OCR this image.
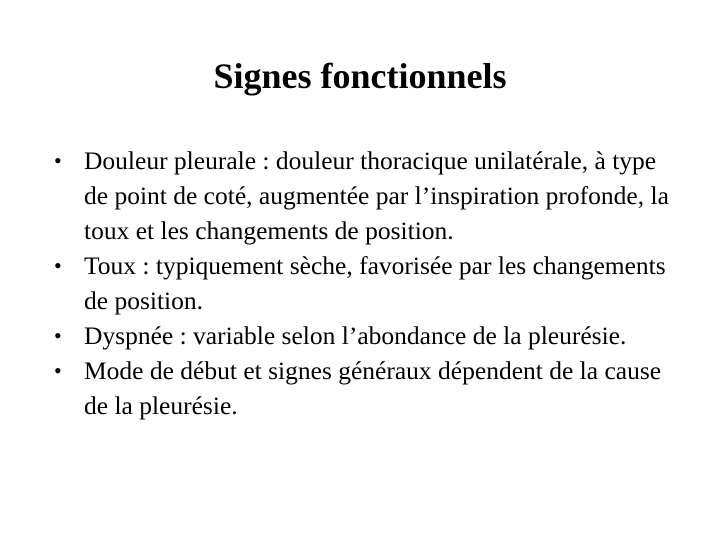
Signes fonctionnels
• Douleur pleurale : douleur thoracique unilatérale, à type de point de coté, augmentée par l’inspiration profonde, la toux et les changements de position.
• Toux : typiquement sèche, favorisée par les changements de position.
• Dyspnée : variable selon l’abondance de la pleurésie.
• Mode de début et signes généraux dépendent de la cause de la pleurésie.
